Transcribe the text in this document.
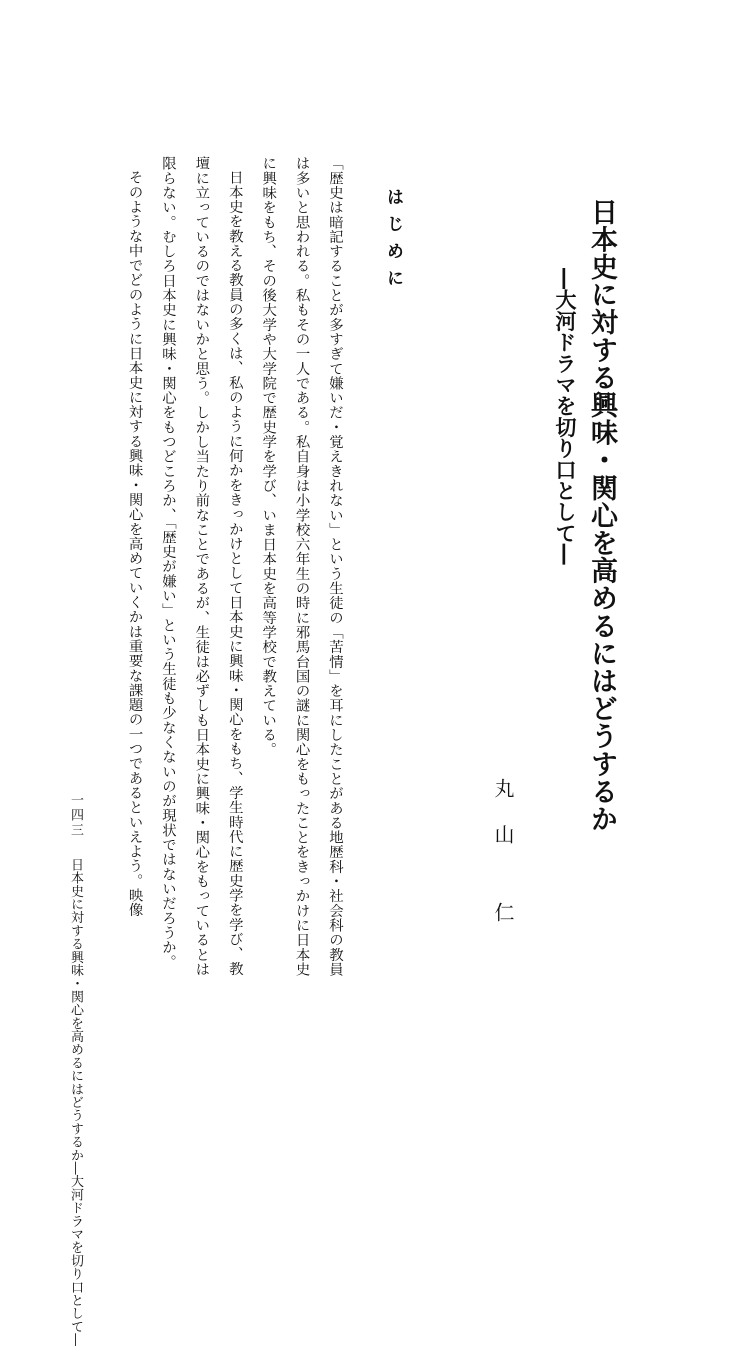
日本史に対する興味・関心を高めるにはどうするか
―大河ドラマを切り口として―
丸山仁
はじめに

「歴史は暗記することが多すぎて嫌いだ・覚えきれない」という生徒の「苦情」を耳にしたことがある地歴科・社会科の教員は多いと思われる。私もその一人である。私自身は小学校六年生の時に邪馬台国の謎に関心をもったことをきっかけに日本史に興味をもち、その後大学や大学院で歴史学を学び、いま日本史を高等学校で教えている。

日本史を教える教員の多くは、私のように何かをきっかけとして日本史に興味・関心をもち、学生時代に歴史学を学び、教壇に立っているのではないかと思う。しかし当たり前なことであるが、生徒は必ずしも日本史に興味・関心をもっているとは限らない。むしろ日本史に興味・関心をもつどころか、「歴史が嫌い」という生徒も少なくないのが現状ではないだろうか。

そのような中でどのように日本史に対する興味・関心を高めていくかは重要な課題の一つであるといえよう。映像

日本史に対する興味・関心を高めるにはどうするか―大河ドラマを切り口として―
一四三
